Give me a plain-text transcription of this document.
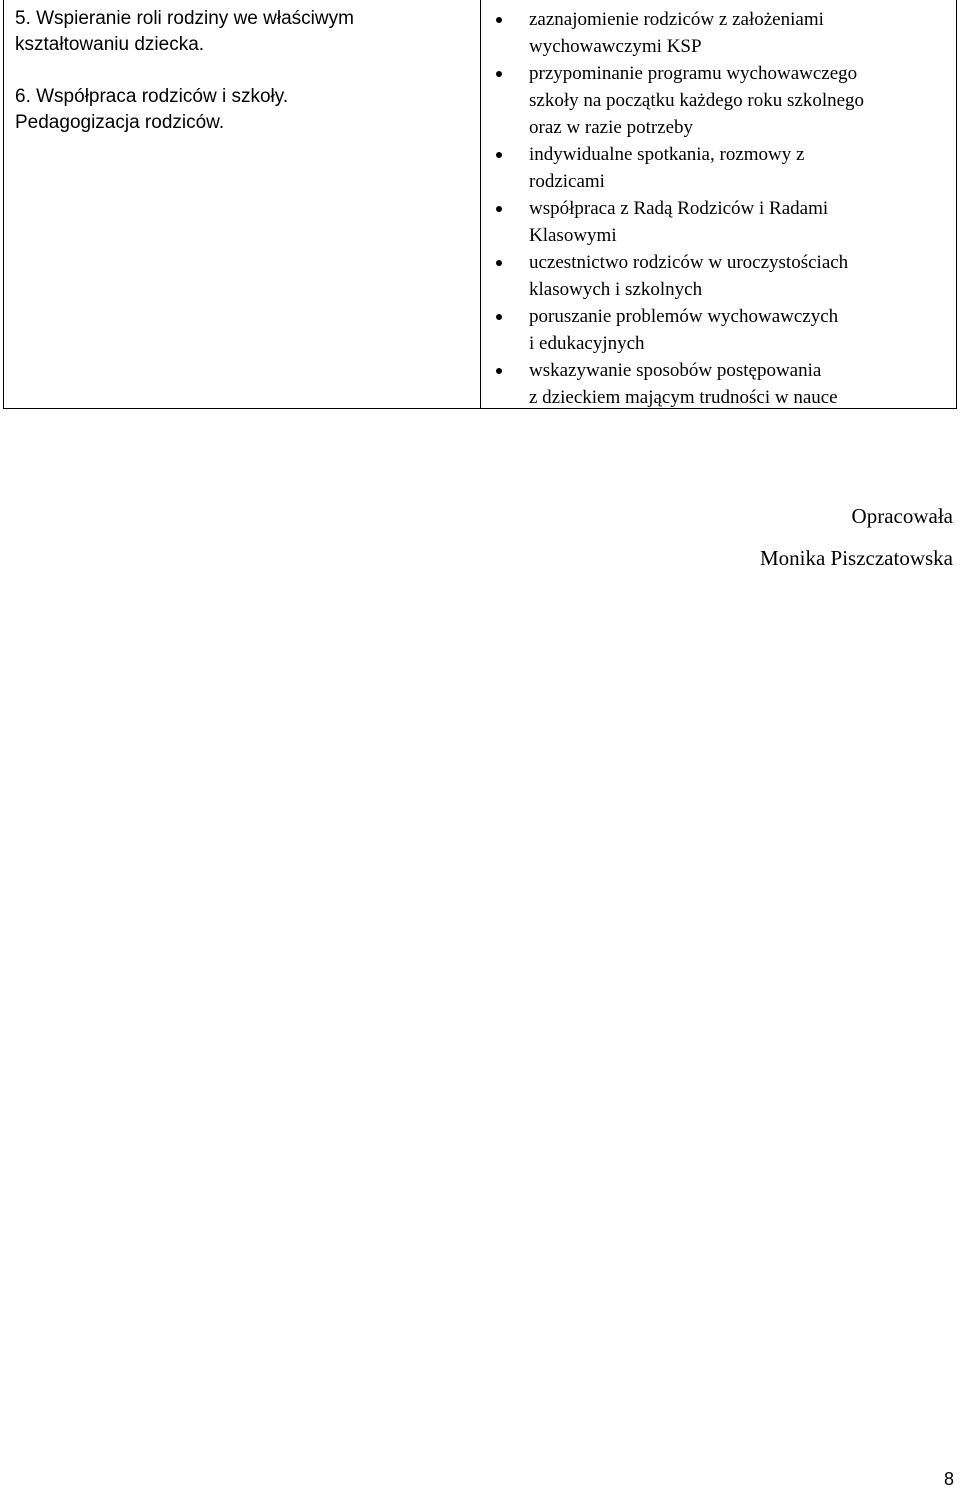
5. Wspieranie roli rodziny we właściwym
kształtowaniu dziecka.

6. Współpraca rodziców i szkoły.
Pedagogizacja rodziców.

zaznajomienie rodziców z założeniami
wychowawczymi KSP
przypominanie programu wychowawczego
szkoły na początku każdego roku szkolnego
oraz w razie potrzeby
indywidualne spotkania, rozmowy z
rodzicami
współpraca z Radą Rodziców i Radami
Klasowymi
uczestnictwo rodziców w uroczystościach
klasowych i szkolnych
poruszanie problemów wychowawczych
i edukacyjnych
wskazywanie sposobów postępowania
z dzieckiem mającym trudności w nauce
Opracowała
Monika Piszczatowska
8
